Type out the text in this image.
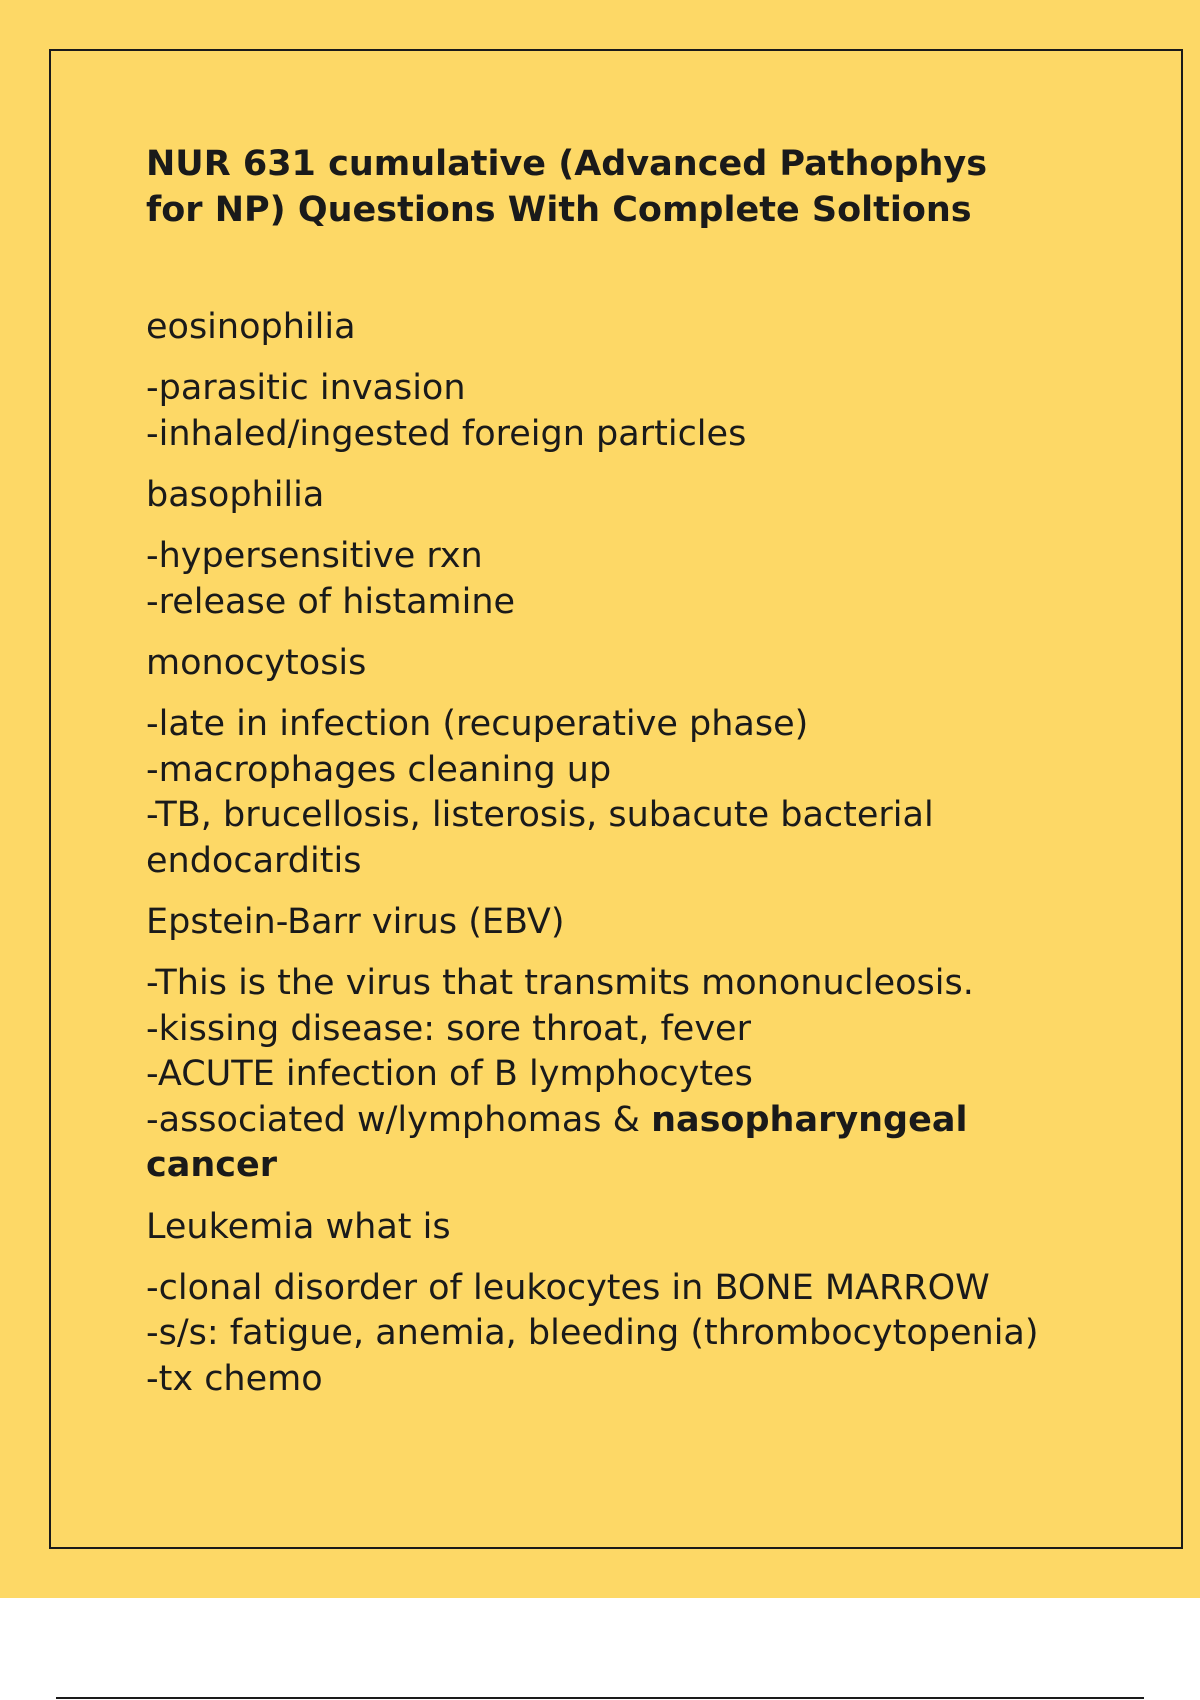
NUR 631 cumulative (Advanced Pathophys
for NP) Questions With Complete Soltions

eosinophilia

-parasitic invasion
-inhaled/ingested foreign particles

basophilia

-hypersensitive rxn
-release of histamine

monocytosis

-late in infection (recuperative phase)
-macrophages cleaning up
-TB, brucellosis, listerosis, subacute bacterial
endocarditis

Epstein-Barr virus (EBV)

-This is the virus that transmits mononucleosis.
-kissing disease: sore throat, fever
-ACUTE infection of B lymphocytes
-associated w/lymphomas & nasopharyngeal
cancer

Leukemia what is

-clonal disorder of leukocytes in BONE MARROW
-s/s: fatigue, anemia, bleeding (thrombocytopenia)
-tx chemo
